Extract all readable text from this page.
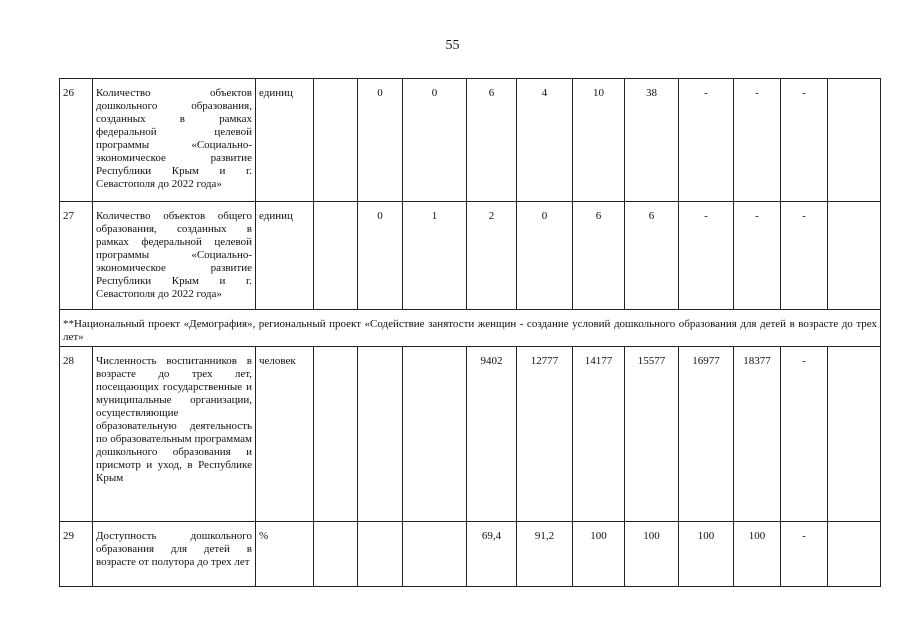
55
26	Количество объектов дошкольного образования, созданных в рамках федеральной целевой программы «Социально-экономическое развитие Республики Крым и г. Севастополя до 2022 года»	единиц		0	0	6	4	10	38	-	-	-	
27	Количество объектов общего образования, созданных в рамках федеральной целевой программы «Социально-экономическое развитие Республики Крым и г. Севастополя до 2022 года»	единиц		0	1	2	0	6	6	-	-	-	
**Национальный проект «Демография», региональный проект «Содействие занятости женщин - создание условий дошкольного образования для детей в возрасте до трех лет»													
28	Численность воспитанников в возрасте до трех лет, посещающих государственные и муниципальные организации, осуществляющие образовательную деятельность по образовательным программам дошкольного образования и присмотр и уход, в Республике Крым	человек				9402	12777	14177	15577	16977	18377	-	
29	Доступность дошкольного образования для детей в возрасте от полутора до трех лет	%				69,4	91,2	100	100	100	100	-	
